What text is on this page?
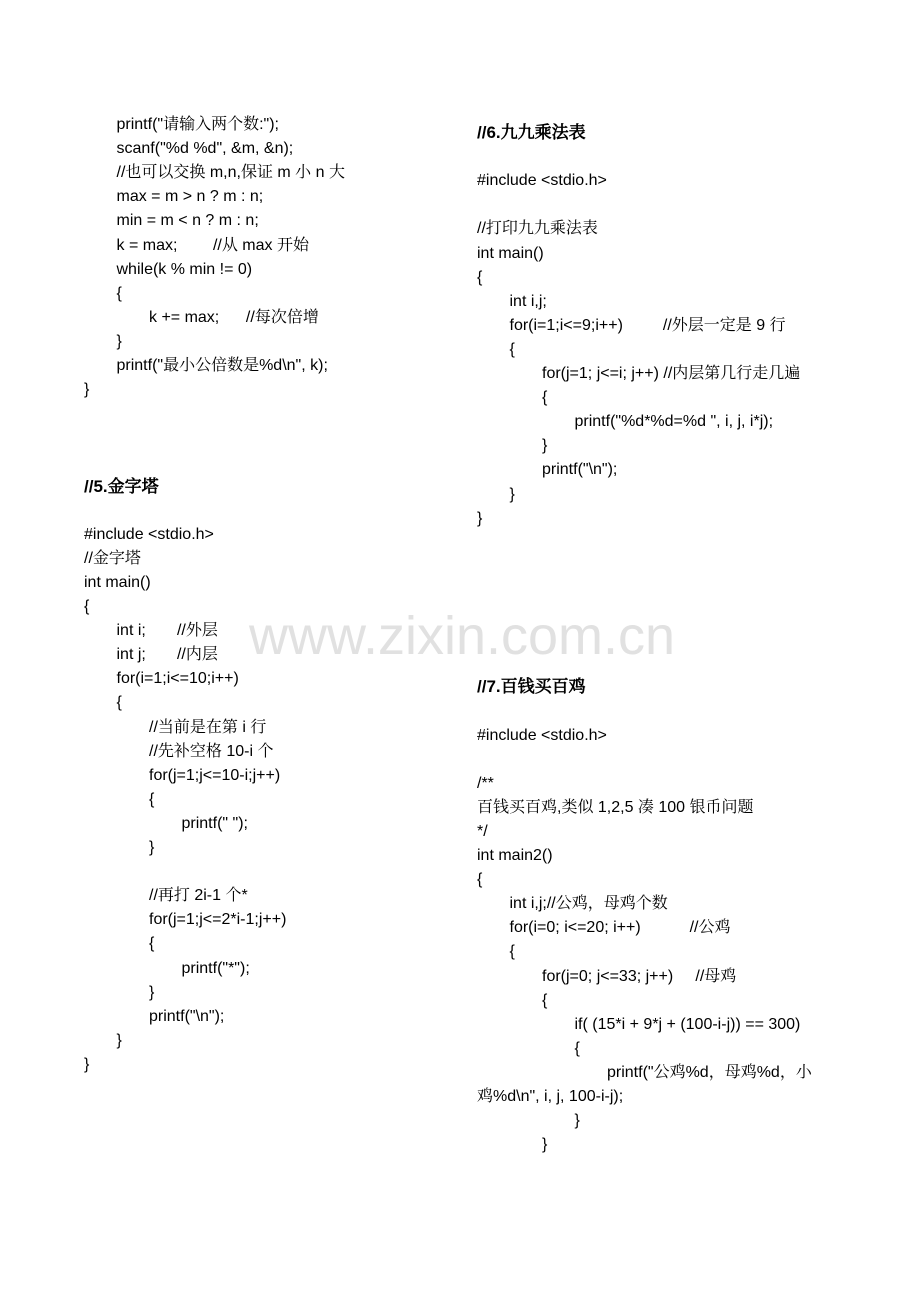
printf("请输入两个数:");
scanf("%d %d", &m, &n);
//也可以交换 m,n,保证 m 小 n 大
max = m > n ? m : n;
min = m < n ? m : n;
k = max;        //从 max 开始
while(k % min != 0)
{
k += max;      //每次倍增
}
printf("最小公倍数是%d\n", k);
}
//5.金字塔
#include <stdio.h>
//金字塔
int main()
{
int i;       //外层
int j;       //内层
for(i=1;i<=10;i++)
{
//当前是在第 i 行
//先补空格 10-i 个
for(j=1;j<=10-i;j++)
{
printf(" ");
}
//再打 2i-1 个*
for(j=1;j<=2*i-1;j++)
{
printf("*");
}
printf("\n");
}
}
//6.九九乘法表
#include <stdio.h>
//打印九九乘法表
int main()
{
int i,j;
for(i=1;i<=9;i++)         //外层一定是 9 行
{
for(j=1; j<=i; j++) //内层第几行走几遍
{
printf("%d*%d=%d ", i, j, i*j);
}
printf("\n");
}
}
//7.百钱买百鸡
#include <stdio.h>
/**
百钱买百鸡,类似 1,2,5 凑 100 银币问题
*/
int main2()
{
int i,j;//公鸡，母鸡个数
for(i=0; i<=20; i++)           //公鸡
{
for(j=0; j<=33; j++)     //母鸡
{
if( (15*i + 9*j + (100-i-j)) == 300)
{
printf("公鸡%d，母鸡%d，小
鸡%d\n", i, j, 100-i-j);
}
}
www.zixin.com.cn
